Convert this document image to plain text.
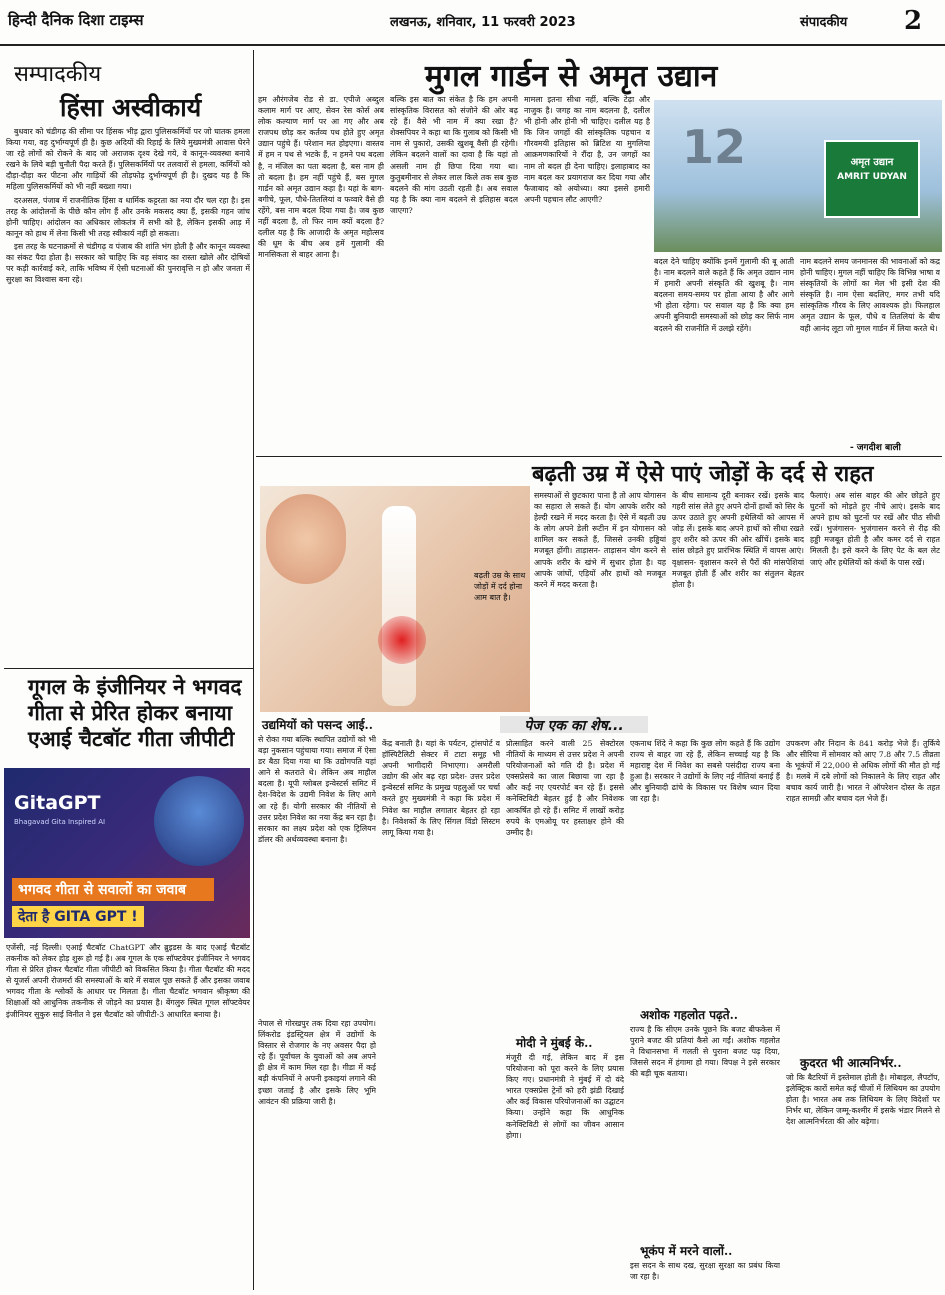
हिन्दी दैनिक दिशा टाइम्स	लखनऊ, शनिवार, 11 फरवरी 2023	संपादकीय 2
सम्पादकीय
हिंसा अस्वीकार्य

बुधवार को चंडीगढ़ की सीमा पर हिंसक भीड़ द्वारा पुलिसकर्मियों पर जो घातक हमला किया गया, वह दुर्भाग्यपूर्ण ही है। कुछ अदियों की रिहाई के लिये मुख्यमंत्री आवास घेरने जा रहे लोगों को रोकने के बाद जो अराजक दृश्य देखे गये, वे कानून-व्यवस्था बनाये रखने के लिये बड़ी चुनौती पैदा करते हैं। पुलिसकर्मियों पर तलवारों से हमला, कर्मियों को दौड़ा-दौड़ा कर पीटना और गाड़ियों की तोड़फोड़ दुर्भाग्यपूर्ण ही है। दुखद यह है कि महिला पुलिसकर्मियों को भी नहीं बख्शा गया।

दरअसल, पंजाब में राजनीतिक हिंसा व धार्मिक कट्टरता का नया दौर चल रहा है। इस तरह के आंदोलनों के पीछे कौन लोग हैं और उनके मकसद क्या हैं, इसकी गहन जांच होनी चाहिए। आंदोलन का अधिकार लोकतंत्र में सभी को है, लेकिन इसकी आड़ में कानून को हाथ में लेना किसी भी तरह स्वीकार्य नहीं हो सकता।

इस तरह के घटनाक्रमों से चंडीगढ़ व पंजाब की शांति भंग होती है और कानून व्यवस्था का संकट पैदा होता है। सरकार को चाहिए कि वह संवाद का रास्ता खोले और दोषियों पर कड़ी कार्रवाई करे, ताकि भविष्य में ऐसी घटनाओं की पुनरावृत्ति न हो और जनता में सुरक्षा का विश्वास बना रहे।

मुगल गार्डन से अमृत उद्यान
हम औरंगजेब रोड से डा. एपीजे अब्दुल कलाम मार्ग पर आए, सेवन रेस कोर्स अब लोक कल्याण मार्ग पर आ गए और अब राजपथ छोड़ कर कर्तव्य पथ होते हुए अमृत उद्यान पहुंचे हैं। परेशान मत होइएगा। वास्तव में हम न पथ से भटके हैं, न हमने पथ बदला है, न मंजिल का पता बदला है, बस नाम ही तो बदला है। हम नहीं पहुंचे हैं, बस मुगल गार्डन को अमृत उद्यान कहा है। यहां के बाग-बगीचे, फूल, पौधे-तितलियां व फव्वारे वैसे ही रहेंगे, बस नाम बदल दिया गया है। जब कुछ नहीं बदला है, तो फिर नाम क्यों बदला है? दलील यह है कि आजादी के अमृत महोत्सव की धूम के बीच अब हमें गुलामी की मानसिकता से बाहर आना है।
बल्कि इस बात का संकेत है कि हम अपनी सांस्कृतिक विरासत को संजोने की ओर बढ़ रहे हैं। वैसे भी नाम में क्या रखा है? शेक्सपियर ने कहा था कि गुलाब को किसी भी नाम से पुकारो, उसकी खुशबू वैसी ही रहेगी। लेकिन बदलने वालों का दावा है कि यहां तो असली नाम ही छिपा दिया गया था। कुतुबमीनार से लेकर लाल किले तक सब कुछ बदलने की मांग उठती रहती है। अब सवाल यह है कि क्या नाम बदलने से इतिहास बदल जाएगा?
मामला इतना सीधा नहीं, बल्कि टेढ़ा और नाजुक है। जगह का नाम बदलना है, दलील भी होनी और होनी भी चाहिए। दलील यह है कि जिन जगहों की सांस्कृतिक पहचान व गौरवमयी इतिहास को ब्रिटिश या मुगलिया आक्रमणकारियों ने रौंदा है, उन जगहों का नाम तो बदल ही देना चाहिए। इलाहाबाद का नाम बदल कर प्रयागराज कर दिया गया और फैजाबाद को अयोध्या। क्या इससे हमारी अपनी पहचान लौट आएगी?
12	अमृत उद्यान
AMRIT UDYAN
बदल देने चाहिए क्योंकि इनमें गुलामी की बू आती है। नाम बदलने वाले कहते हैं कि अमृत उद्यान नाम में हमारी अपनी संस्कृति की खुशबू है। नाम बदलना समय-समय पर होता आया है और आगे भी होता रहेगा। पर सवाल यह है कि क्या हम अपनी बुनियादी समस्याओं को छोड़ कर सिर्फ नाम बदलने की राजनीति में उलझे रहेंगे।
नाम बदलने समय जनमानस की भावनाओं को कद्र होनी चाहिए। मुगल नहीं चाहिए कि विभिन्न भाषा व संस्कृतियों के लोगों का मेल भी इसी देश की संस्कृति है। नाम ऐसा बदलिए, मगर तभी यदि सांस्कृतिक गौरव के लिए आवश्यक हो। फिलहाल अमृत उद्यान के फूल, पौधे व तितलियां के बीच वही आनंद लूटा जो मुगल गार्डन में लिया करते थे।
- जगदीश बाली
बढ़ती उम्र में ऐसे पाएं जोड़ों के दर्द से राहत
बढ़ती उम्र के साथ जोड़ों में दर्द होना आम बात है।
समस्याओं से छुटकारा पाना है तो आप योगासन का सहारा ले सकते हैं। योग आपके शरीर को हेल्दी रखने में मदद करता है। ऐसे में बढ़ती उम्र के लोग अपने डेली रूटीन में इन योगासन को शामिल कर सकते हैं, जिससे उनकी हड्डियां मजबूत होंगी। ताड़ासन- ताड़ासन योग करने से आपके शरीर के खंभे में सुधार होता है। यह आपके जांघों, एड़ियों और हाथों को मजबूत करने में मदद करता है।
के बीच सामान्य दूरी बनाकर रखें। इसके बाद गहरी सांस लेते हुए अपने दोनों हाथों को सिर के ऊपर उठाते हुए अपनी हथेलियों को आपस में जोड़ लें। इसके बाद अपने हाथों को सीधा रखते हुए शरीर को ऊपर की ओर खींचें। इसके बाद सांस छोड़ते हुए प्रारंभिक स्थिति में वापस आएं। वृक्षासन- वृक्षासन करने से पैरों की मांसपेशियां मजबूत होती हैं और शरीर का संतुलन बेहतर होता है।
फैलाएं। अब सांस बाहर की ओर छोड़ते हुए घुटनों को मोड़ते हुए नीचे आएं। इसके बाद अपने हाथ को घुटनों पर रखें और पीठ सीधी रखें। भुजंगासन- भुजंगासन करने से रीढ़ की हड्डी मजबूत होती है और कमर दर्द से राहत मिलती है। इसे करने के लिए पेट के बल लेट जाएं और हथेलियों को कंधों के पास रखें।
गूगल के इंजीनियर ने भगवद गीता से प्रेरित होकर बनाया एआई चैटबॉट गीता जीपीटी
GitaGPT
Bhagavad Gita Inspired AI
भगवद गीता से सवालों का जवाब
देता है GITA GPT !
एजेंसी, नई दिल्ली। एआई चैटबॉट ChatGPT और ब्रुइडस के बाद एआई चैटबॉट तकनीक को लेकर होड़ शुरू हो गई है। अब गूगल के एक सॉफ्टवेयर इंजीनियर ने भगवद गीता से प्रेरित होकर चैटबॉट गीता जीपीटी को विकसित किया है। गीता चैटबॉट की मदद से यूजर्स अपनी रोजमर्रा की समस्याओं के बारे में सवाल पूछ सकते हैं और इसका जवाब भगवद गीता के श्लोकों के आधार पर मिलता है। गीता चैटबॉट भगवान श्रीकृष्ण की शिक्षाओं को आधुनिक तकनीक से जोड़ने का प्रयास है। बेंगलुरु स्थित गूगल सॉफ्टवेयर इंजीनियर सुकुरु साई विनीत ने इस चैटबॉट को जीपीटी-3 आधारित बनाया है।
उद्यमियों को पसन्द आई..
से रोका गया बल्कि स्थापित उद्योगों को भी बड़ा नुकसान पहुंचाया गया। समाज में ऐसा डर बैठा दिया गया था कि उद्योगपति यहां आने से कतराते थे। लेकिन अब माहौल बदला है। यूपी ग्लोबल इन्वेस्टर्स समिट में देश-विदेश के उद्यमी निवेश के लिए आगे आ रहे हैं। योगी सरकार की नीतियों से उत्तर प्रदेश निवेश का नया केंद्र बन रहा है। सरकार का लक्ष्य प्रदेश को एक ट्रिलियन डॉलर की अर्थव्यवस्था बनाना है।
नेपाल से गोरखपुर तक दिया रहा उपयोग। लिंकरोड इंडस्ट्रियल क्षेत्र में उद्योगों के विस्तार से रोजगार के नए अवसर पैदा हो रहे हैं। पूर्वांचल के युवाओं को अब अपने ही क्षेत्र में काम मिल रहा है। गीडा में कई बड़ी कंपनियों ने अपनी इकाइयां लगाने की इच्छा जताई है और इसके लिए भूमि आवंटन की प्रक्रिया जारी है।
पेज एक का शेष...
केंद्र बनाती है। यहां के पर्यटन, ट्रांसपोर्ट व हॉस्पिटैलिटी सेक्टर में टाटा समूह भी अपनी भागीदारी निभाएगा। अमरौली उद्योग की ओर बढ़ रहा प्रदेश- उत्तर प्रदेश इन्वेस्टर्स समिट के प्रमुख पहलुओं पर चर्चा करते हुए मुख्यमंत्री ने कहा कि प्रदेश में निवेश का माहौल लगातार बेहतर हो रहा है। निवेशकों के लिए सिंगल विंडो सिस्टम लागू किया गया है।
प्रोत्साहित करने वाली 25 सेक्टोरल नीतियों के माध्यम से उत्तर प्रदेश ने अपनी परियोजनाओं को गति दी है। प्रदेश में एक्सप्रेसवे का जाल बिछाया जा रहा है और कई नए एयरपोर्ट बन रहे हैं। इससे कनेक्टिविटी बेहतर हुई है और निवेशक आकर्षित हो रहे हैं। समिट में लाखों करोड़ रुपये के एमओयू पर हस्ताक्षर होने की उम्मीद है।
मोदी ने मुंबई के..
मंजूरी दी गई, लेकिन बाद में इस परियोजना को पूरा करने के लिए प्रयास किए गए। प्रधानमंत्री ने मुंबई में दो वंदे भारत एक्सप्रेस ट्रेनों को हरी झंडी दिखाई और कई विकास परियोजनाओं का उद्घाटन किया। उन्होंने कहा कि आधुनिक कनेक्टिविटी से लोगों का जीवन आसान होगा।
एकनाथ शिंदे ने कहा कि कुछ लोग कहते हैं कि उद्योग राज्य से बाहर जा रहे हैं, लेकिन सच्चाई यह है कि महाराष्ट्र देश में निवेश का सबसे पसंदीदा राज्य बना हुआ है। सरकार ने उद्योगों के लिए नई नीतियां बनाई हैं और बुनियादी ढांचे के विकास पर विशेष ध्यान दिया जा रहा है।
अशोक गहलोत पढ़ते..
राज्य है कि सीएम उनके पूछने कि बजट बीफकेस में पुराने बजट की प्रतियां कैसे आ गईं। अशोक गहलोत ने विधानसभा में गलती से पुराना बजट पढ़ दिया, जिससे सदन में हंगामा हो गया। विपक्ष ने इसे सरकार की बड़ी चूक बताया।
भूकंप में मरने वालों..
इस सदन के साथ दख, सुरक्षा सुरक्षा का प्रबंध किया जा रहा है।
उपकरण और निदान के 841 करोड़ भेजे हैं। तुर्किये और सीरिया में सोमवार को आए 7.8 और 7.5 तीव्रता के भूकंपों में 22,000 से अधिक लोगों की मौत हो गई है। मलबे में दबे लोगों को निकालने के लिए राहत और बचाव कार्य जारी है। भारत ने ऑपरेशन दोस्त के तहत राहत सामग्री और बचाव दल भेजे हैं।
कुदरत भी आत्मनिर्भर..
जो कि बैटरियों में इस्तेमाल होती है। मोबाइल, लैपटॉप, इलेक्ट्रिक कारों समेत कई चीजों में लिथियम का उपयोग होता है। भारत अब तक लिथियम के लिए विदेशों पर निर्भर था, लेकिन जम्मू-कश्मीर में इसके भंडार मिलने से देश आत्मनिर्भरता की ओर बढ़ेगा।
